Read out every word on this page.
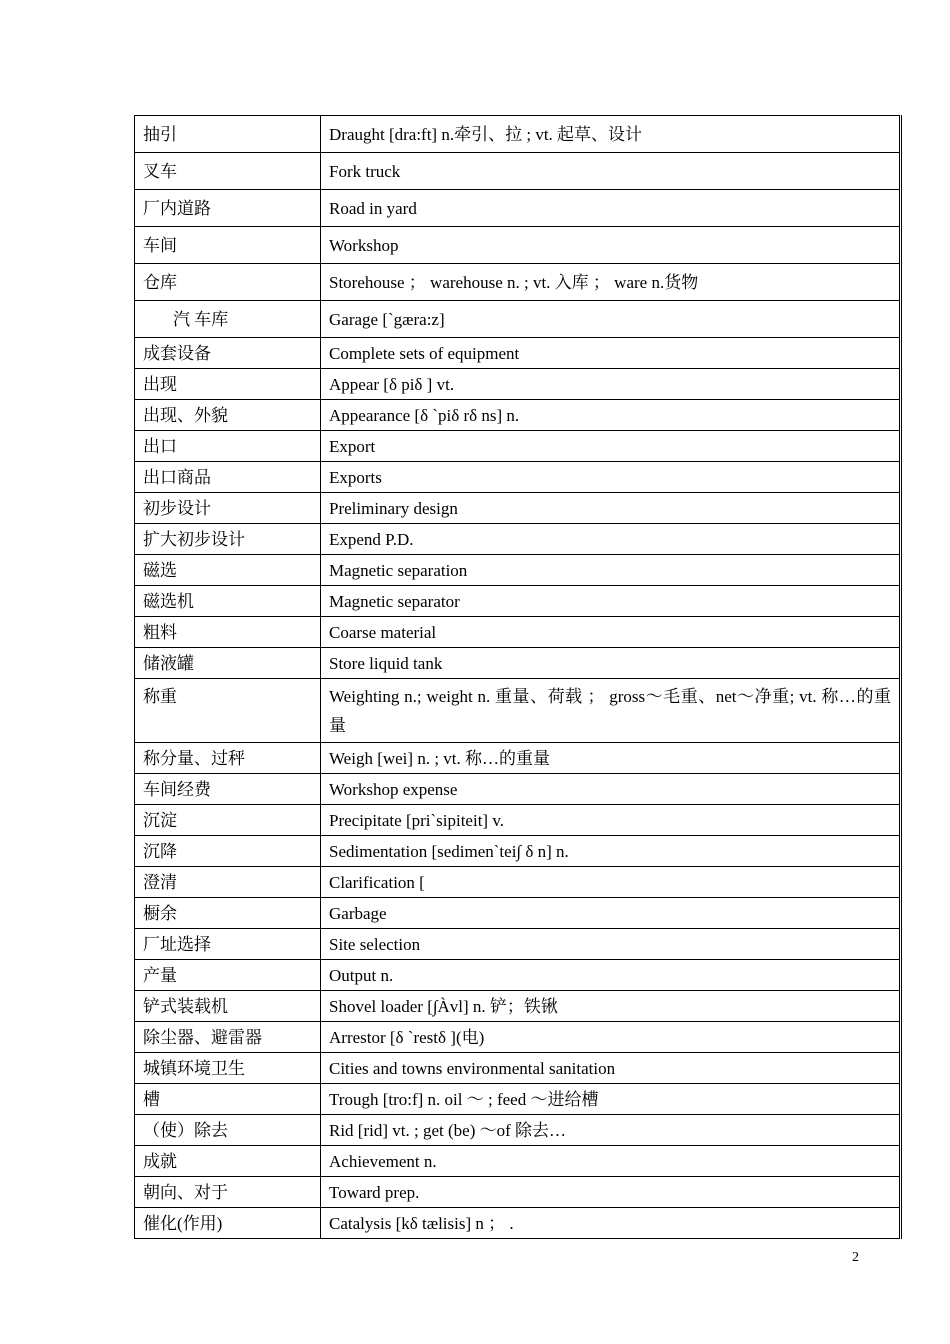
抽引	Draught [dra:ft] n.牵引、拉 ; vt. 起草、设计
叉车	Fork truck
厂内道路	Road in yard
车间	Workshop
仓库	Storehouse ； warehouse n. ; vt. 入库 ； ware n.货物
汽 车库	Garage [`gæra:z]
成套设备	Complete sets of equipment
出现	Appear [δ piδ ] vt.
出现、外貌	Appearance [δ `piδ rδ ns] n.
出口	Export
出口商品	Exports
初步设计	Preliminary design
扩大初步设计	Expend P.D.
磁选	Magnetic separation
磁选机	Magnetic separator
粗料	Coarse material
储液罐	Store liquid tank
称重	Weighting n.; weight n. 重量、荷载 ； gross～毛重、net～净重; vt. 称…的重量
称分量、过秤	Weigh [wei] n. ; vt. 称…的重量
车间经费	Workshop expense
沉淀	Precipitate [pri`sipiteit] v.
沉降	Sedimentation [sedimen`tei∫ δ n] n.
澄清	Clarification [
橱余	Garbage
厂址选择	Site selection
产量	Output n.
铲式装载机	Shovel loader [∫Àvl] n. 铲；铁锹
除尘器、避雷器	Arrestor [δ `restδ ](电)
城镇环境卫生	Cities and towns environmental sanitation
槽	Trough [tro:f] n. oil ～ ; feed ～进给槽
（使）除去	Rid [rid] vt. ; get (be) ～of 除去…
成就	Achievement n.
朝向、对于	Toward prep.
催化(作用)	Catalysis [kδ tælisis] n ； .
2
